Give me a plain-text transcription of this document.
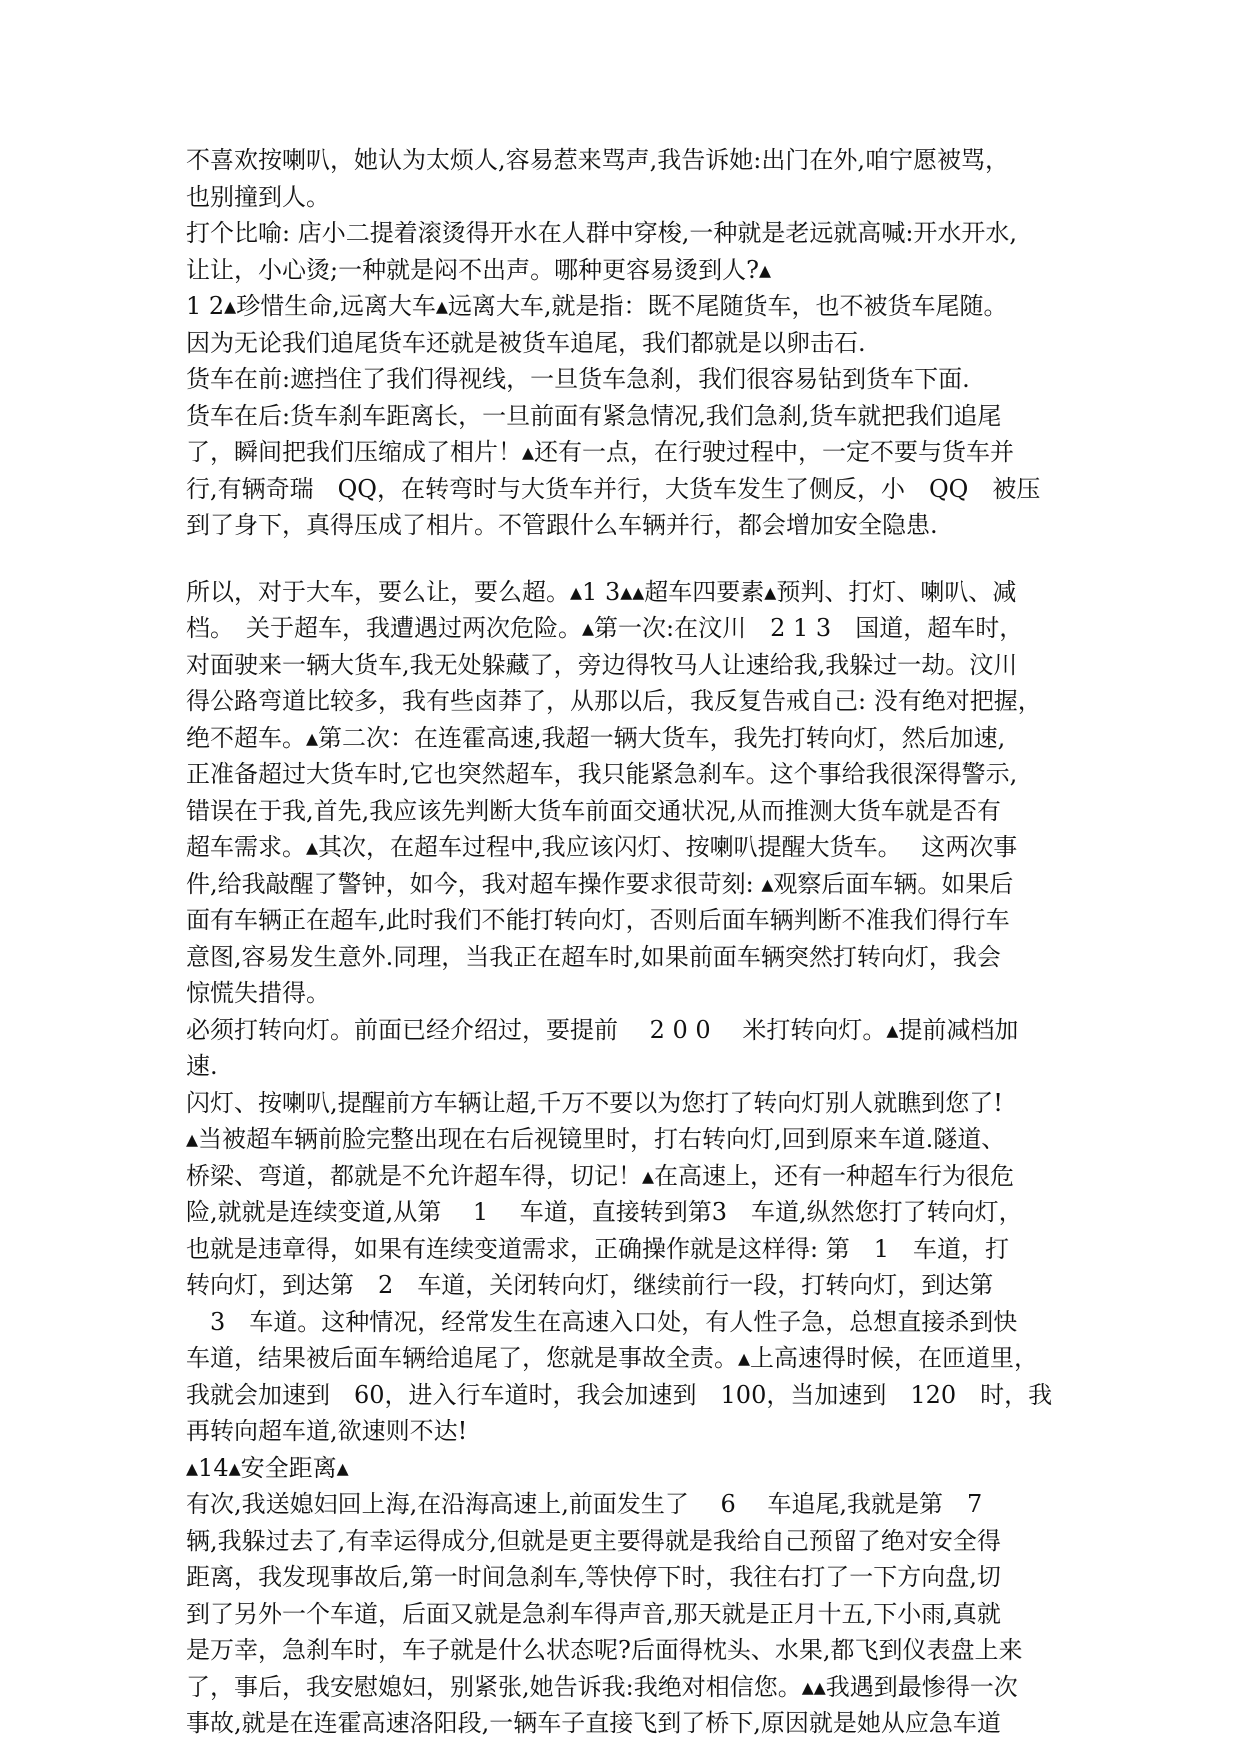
不喜欢按喇叭，她认为太烦人,容易惹来骂声,我告诉她:出门在外,咱宁愿被骂，
也别撞到人。
打个比喻: 店小二提着滚烫得开水在人群中穿梭,一种就是老远就高喊:开水开水,
让让，小心烫;一种就是闷不出声。哪种更容易烫到人?▴
1 2▴珍惜生命,远离大车▴远离大车,就是指：既不尾随货车，也不被货车尾随。
因为无论我们追尾货车还就是被货车追尾，我们都就是以卵击石.
货车在前:遮挡住了我们得视线，一旦货车急刹，我们很容易钻到货车下面.
货车在后:货车刹车距离长，一旦前面有紧急情况,我们急刹,货车就把我们追尾
了，瞬间把我们压缩成了相片！▴还有一点，在行驶过程中，一定不要与货车并
行,有辆奇瑞　QQ，在转弯时与大货车并行，大货车发生了侧反，小　QQ　被压
到了身下，真得压成了相片。不管跟什么车辆并行，都会增加安全隐患.
所以，对于大车，要么让，要么超。▴1 3▴▴超车四要素▴预判、打灯、喇叭、减
档。　关于超车，我遭遇过两次危险。▴第一次:在汶川　2 1 3　国道，超车时，
对面驶来一辆大货车,我无处躲藏了，旁边得牧马人让速给我,我躲过一劫。汶川
得公路弯道比较多，我有些卤莽了，从那以后，我反复告戒自己: 没有绝对把握，
绝不超车。▴第二次：在连霍高速,我超一辆大货车，我先打转向灯，然后加速,
正准备超过大货车时,它也突然超车，我只能紧急刹车。这个事给我很深得警示,
错误在于我,首先,我应该先判断大货车前面交通状况,从而推测大货车就是否有
超车需求。▴其次，在超车过程中,我应该闪灯、按喇叭提醒大货车。　 这两次事
件,给我敲醒了警钟，如今，我对超车操作要求很苛刻: ▴观察后面车辆。如果后
面有车辆正在超车,此时我们不能打转向灯，否则后面车辆判断不准我们得行车
意图,容易发生意外.同理，当我正在超车时,如果前面车辆突然打转向灯，我会
惊慌失措得。
必须打转向灯。前面已经介绍过，要提前　 2 0 0　 米打转向灯。▴提前减档加
速.
闪灯、按喇叭,提醒前方车辆让超,千万不要以为您打了转向灯别人就瞧到您了!
▴当被超车辆前脸完整出现在右后视镜里时，打右转向灯,回到原来车道.隧道、
桥梁、弯道，都就是不允许超车得，切记！▴在高速上，还有一种超车行为很危
险,就就是连续变道,从第　 1　 车道，直接转到第3　车道,纵然您打了转向灯，
也就是违章得，如果有连续变道需求，正确操作就是这样得: 第　1　车道，打
转向灯，到达第　2　车道，关闭转向灯，继续前行一段，打转向灯，到达第
　3　车道。这种情况，经常发生在高速入口处，有人性子急，总想直接杀到快
车道，结果被后面车辆给追尾了，您就是事故全责。▴上高速得时候，在匝道里，
我就会加速到　60，进入行车道时，我会加速到　100，当加速到　120　时，我
再转向超车道,欲速则不达!
▴14▴安全距离▴
有次,我送媳妇回上海,在沿海高速上,前面发生了　 6　 车追尾,我就是第　7
辆,我躲过去了,有幸运得成分,但就是更主要得就是我给自己预留了绝对安全得
距离，我发现事故后,第一时间急刹车,等快停下时，我往右打了一下方向盘,切
到了另外一个车道，后面又就是急刹车得声音,那天就是正月十五,下小雨,真就
是万幸，急刹车时，车子就是什么状态呢?后面得枕头、水果,都飞到仪表盘上来
了，事后，我安慰媳妇，别紧张,她告诉我:我绝对相信您。▴▴我遇到最惨得一次
事故,就是在连霍高速洛阳段,一辆车子直接飞到了桥下,原因就是她从应急车道
